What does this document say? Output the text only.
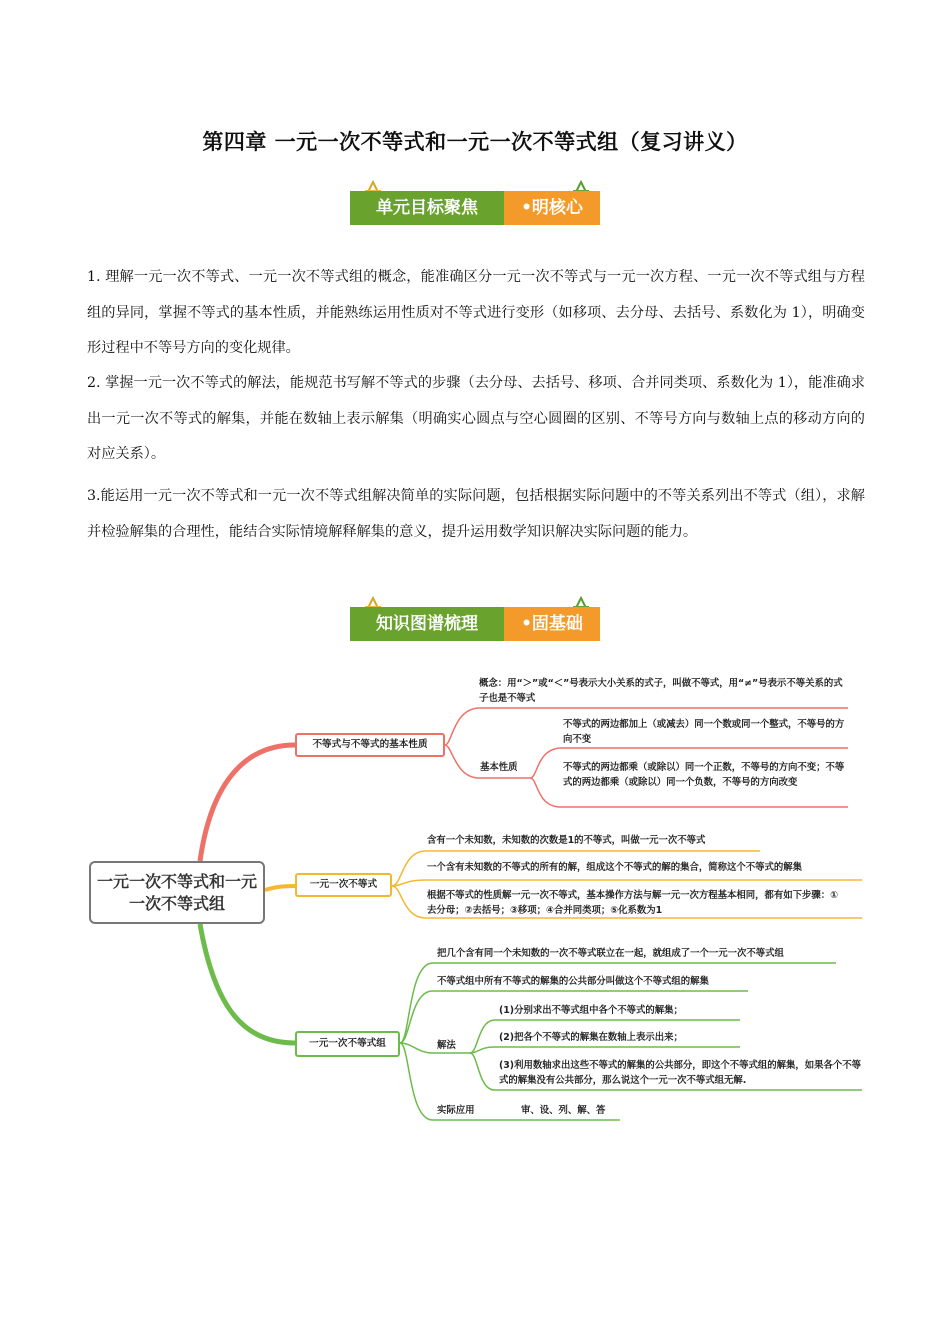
第四章 一元一次不等式和一元一次不等式组（复习讲义）
单元目标聚焦	•明核心
1. 理解一元一次不等式、一元一次不等式组的概念，能准确区分一元一次不等式与一元一次方程、一元一次不等式组与方程组的异同，掌握不等式的基本性质，并能熟练运用性质对不等式进行变形（如移项、去分母、去括号、系数化为 1），明确变形过程中不等号方向的变化规律。
2. 掌握一元一次不等式的解法，能规范书写解不等式的步骤（去分母、去括号、移项、合并同类项、系数化为 1），能准确求出一元一次不等式的解集，并能在数轴上表示解集（明确实心圆点与空心圆圈的区别、不等号方向与数轴上点的移动方向的对应关系）。
3.能运用一元一次不等式和一元一次不等式组解决简单的实际问题，包括根据实际问题中的不等关系列出不等式（组），求解并检验解集的合理性，能结合实际情境解释解集的意义，提升运用数学知识解决实际问题的能力。
知识图谱梳理	•固基础
一元一次不等式和一元一次不等式组
不等式与不等式的基本性质
一元一次不等式
一元一次不等式组
概念：用“＞”或“＜”号表示大小关系的式子，叫做不等式，用“≠”号表示不等关系的式子也是不等式
基本性质
不等式的两边都加上（或减去）同一个数或同一个整式，不等号的方向不变
不等式的两边都乘（或除以）同一个正数，不等号的方向不变；不等式的两边都乘（或除以）同一个负数，不等号的方向改变
含有一个未知数，未知数的次数是1的不等式，叫做一元一次不等式
一个含有未知数的不等式的所有的解，组成这个不等式的解的集合，简称这个不等式的解集
根据不等式的性质解一元一次不等式，基本操作方法与解一元一次方程基本相同，都有如下步骤：①去分母；②去括号；③移项；④合并同类项；⑤化系数为1
把几个含有同一个未知数的一次不等式联立在一起，就组成了一个一元一次不等式组
不等式组中所有不等式的解集的公共部分叫做这个不等式组的解集
解法
(1)分别求出不等式组中各个不等式的解集；
(2)把各个不等式的解集在数轴上表示出来；
(3)利用数轴求出这些不等式的解集的公共部分，即这个不等式组的解集，如果各个不等式的解集没有公共部分，那么说这个一元一次不等式组无解.
实际应用	审、设、列、解、答
